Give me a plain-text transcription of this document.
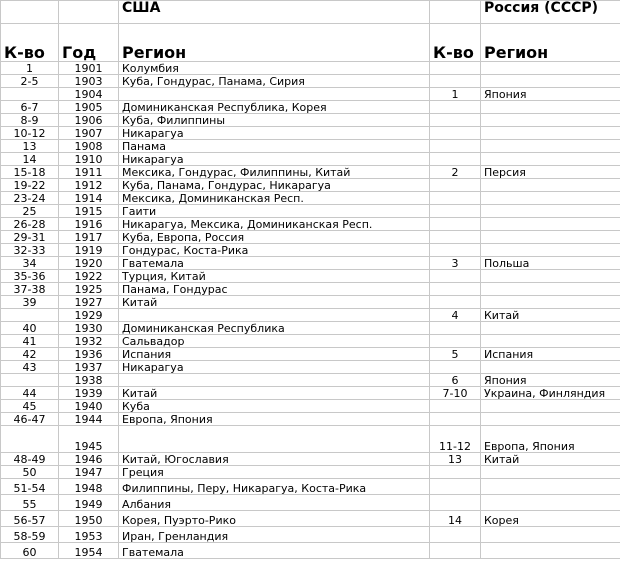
		США		Россия (СССР)
К-во	Год	Регион	К-во	Регион
1	1901	Колумбия		
2-5	1903	Куба, Гондурас, Панама, Сирия		
	1904		1	Япония
6-7	1905	Доминиканская Республика, Корея		
8-9	1906	Куба, Филиппины		
10-12	1907	Никарагуа		
13	1908	Панама		
14	1910	Никарагуа		
15-18	1911	Мексика, Гондурас, Филиппины, Китай	2	Персия
19-22	1912	Куба, Панама, Гондурас, Никарагуа		
23-24	1914	Мексика, Доминиканская Респ.		
25	1915	Гаити		
26-28	1916	Никарагуа, Мексика, Доминиканская Респ.		
29-31	1917	Куба, Европа, Россия		
32-33	1919	Гондурас, Коста-Рика		
34	1920	Гватемала	3	Польша
35-36	1922	Турция, Китай		
37-38	1925	Панама, Гондурас		
39	1927	Китай		
	1929		4	Китай
40	1930	Доминиканская Республика		
41	1932	Сальвадор		
42	1936	Испания	5	Испания
43	1937	Никарагуа		
	1938		6	Япония
44	1939	Китай	7-10	Украина, Финляндия
45	1940	Куба		
46-47	1944	Европа, Япония		
	1945		11-12	Европа, Япония
48-49	1946	Китай, Югославия	13	Китай
50	1947	Греция		
51-54	1948	Филиппины, Перу, Никарагуа, Коста-Рика		
55	1949	Албания		
56-57	1950	Корея, Пуэрто-Рико	14	Корея
58-59	1953	Иран, Гренландия		
60	1954	Гватемала		
